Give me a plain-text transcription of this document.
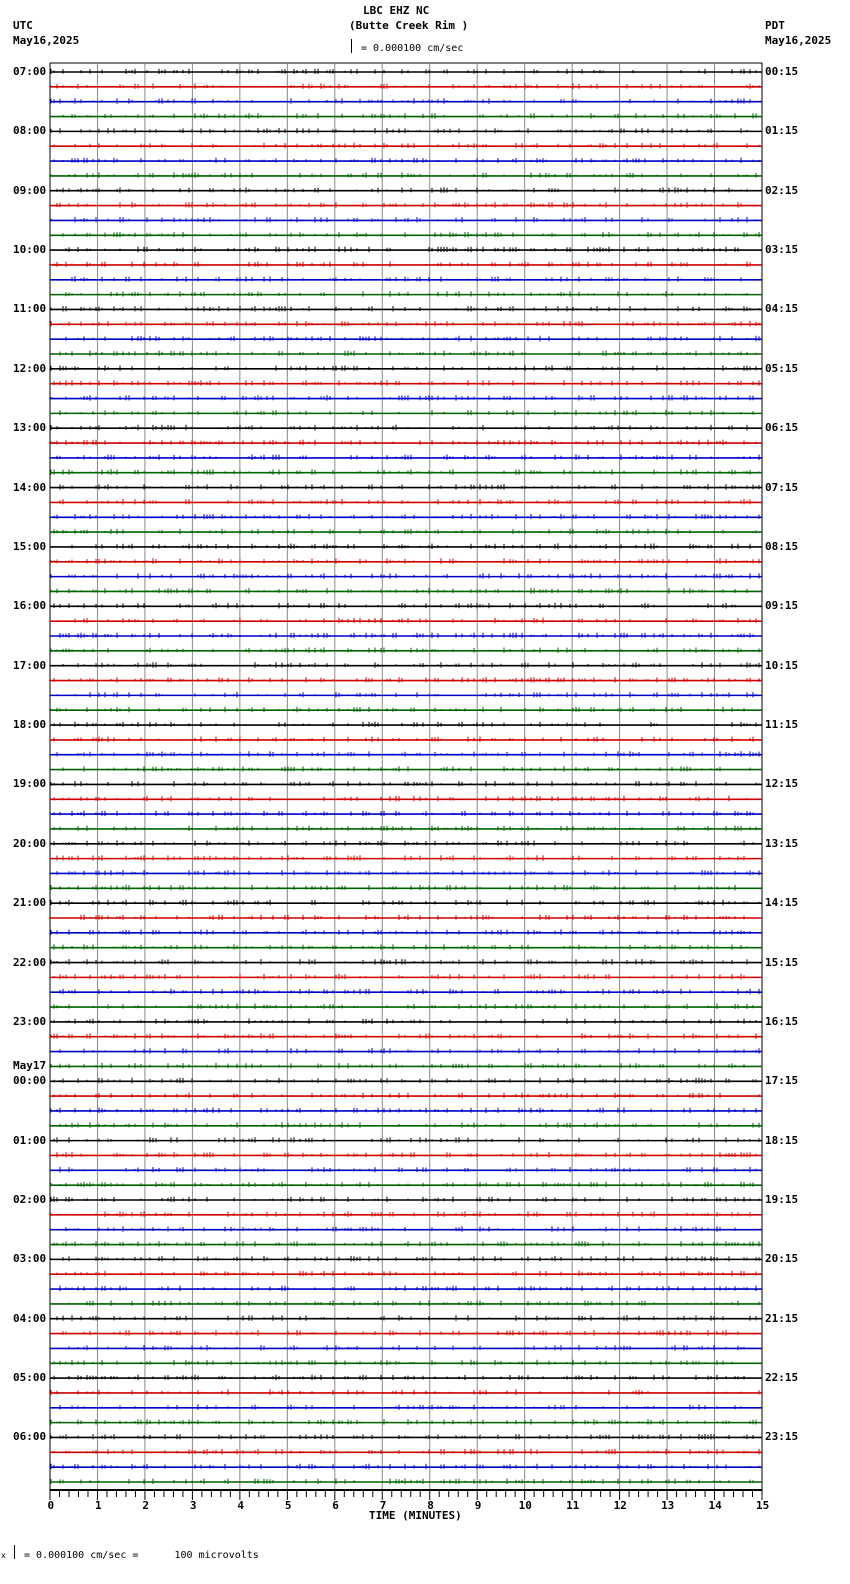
LBC EHZ NC
(Butte Creek Rim )
UTC
May16,2025
PDT
May16,2025
= 0.000100 cm/sec
07:00	00:15
08:00	01:15
09:00	02:15
10:00	03:15
11:00	04:15
12:00	05:15
13:00	06:15
14:00	07:15
15:00	08:15
16:00	09:15
17:00	10:15
18:00	11:15
19:00	12:15
20:00	13:15
21:00	14:15
22:00	15:15
23:00	16:15
00:00	17:15
May17
01:00	18:15
02:00	19:15
03:00	20:15
04:00	21:15
05:00	22:15
06:00	23:15
0	1	2	3	4	5	6	7	8	9	10	11	12	13	14	15
TIME (MINUTES)
x = 0.000100 cm/sec =      100 microvolts
